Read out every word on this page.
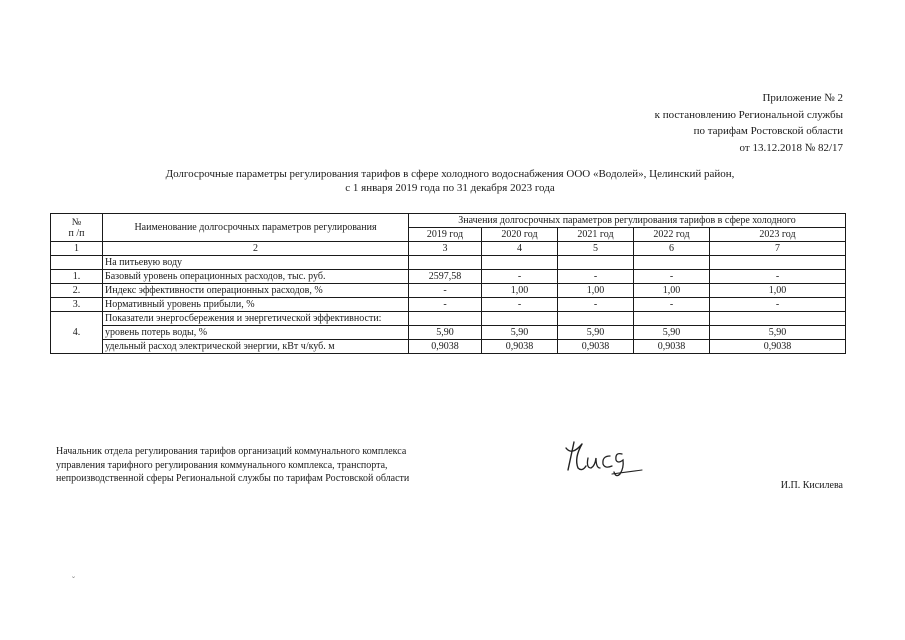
Приложение № 2
к постановлению Региональной службы
по тарифам Ростовской области
от 13.12.2018 № 82/17
Долгосрочные параметры регулирования тарифов в сфере холодного водоснабжения ООО «Водолей», Целинский район,
с 1 января 2019 года по 31 декабря 2023 года
№
п /п	Наименование долгосрочных параметров регулирования	Значения долгосрочных параметров регулирования тарифов в сфере холодного				
		2019 год	2020 год	2021 год	2022 год	2023 год
1	2	3	4	5	6	7
	На питьевую воду					
1.	Базовый уровень операционных расходов, тыс. руб.	2597,58	-	-	-	-
2.	Индекс эффективности операционных расходов, %	-	1,00	1,00	1,00	1,00
3.	Нормативный уровень прибыли, %	-	-	-	-	-
4.	Показатели энергосбережения и энергетической эффективности:					
	уровень потерь воды, %	5,90	5,90	5,90	5,90	5,90
	удельный расход электрической энергии, кВт ч/куб. м	0,9038	0,9038	0,9038	0,9038	0,9038
Начальник отдела регулирования тарифов организаций коммунального комплекса
управления тарифного регулирования коммунального комплекса, транспорта,
непроизводственной сферы Региональной службы по тарифам Ростовской области
И.П. Кисилева
˘
